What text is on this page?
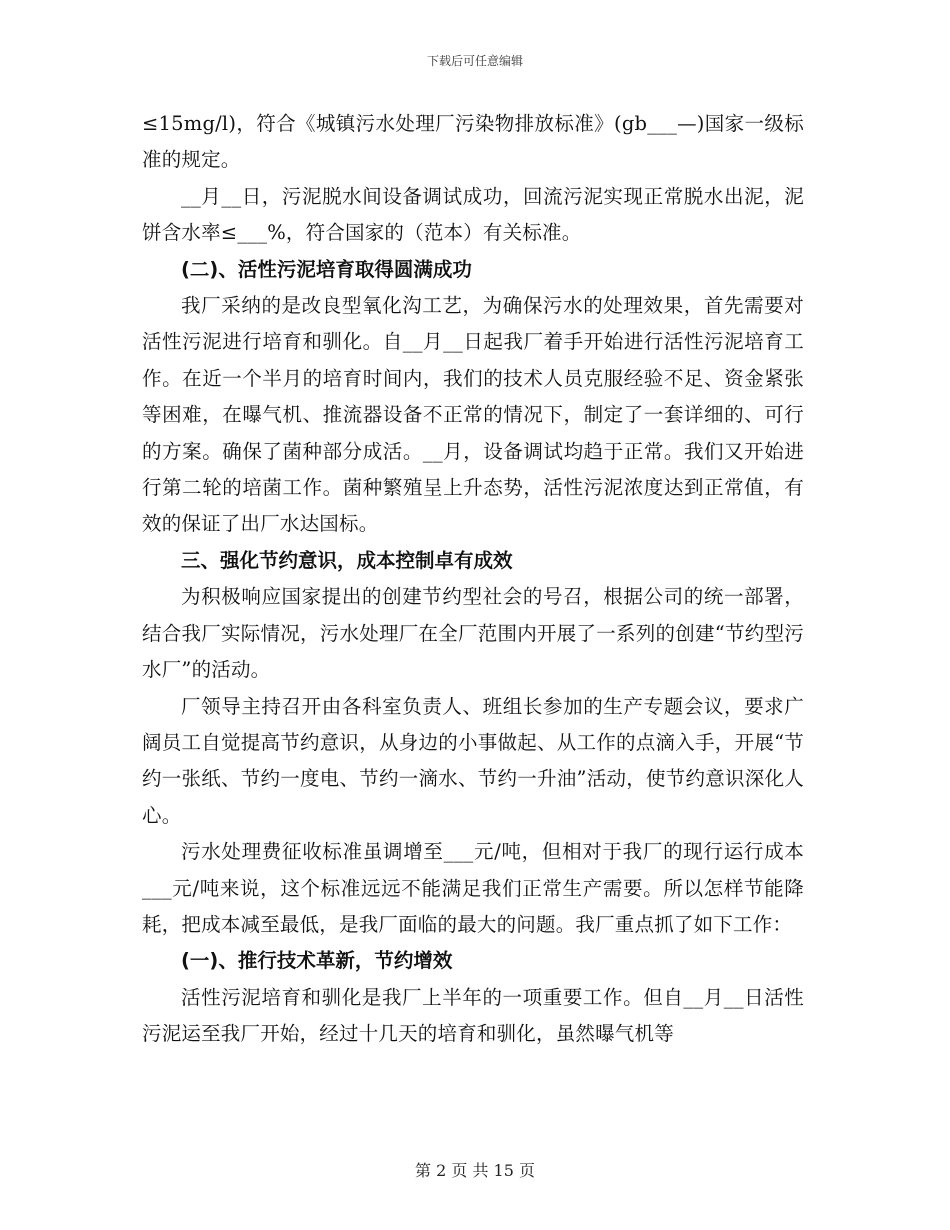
下载后可任意编辑

≤15mg/l)，符合《城镇污水处理厂污染物排放标准》(gb___—)国家一级标准的规定。

__月__日，污泥脱水间设备调试成功，回流污泥实现正常脱水出泥，泥饼含水率≤___%，符合国家的（范本）有关标准。

(二)、活性污泥培育取得圆满成功

我厂采纳的是改良型氧化沟工艺，为确保污水的处理效果，首先需要对活性污泥进行培育和驯化。自__月__日起我厂着手开始进行活性污泥培育工作。在近一个半月的培育时间内，我们的技术人员克服经验不足、资金紧张等困难，在曝气机、推流器设备不正常的情况下，制定了一套详细的、可行的方案。确保了菌种部分成活。__月，设备调试均趋于正常。我们又开始进行第二轮的培菌工作。菌种繁殖呈上升态势，活性污泥浓度达到正常值，有效的保证了出厂水达国标。

三、强化节约意识，成本控制卓有成效

为积极响应国家提出的创建节约型社会的号召，根据公司的统一部署，结合我厂实际情况，污水处理厂在全厂范围内开展了一系列的创建“节约型污水厂”的活动。

厂领导主持召开由各科室负责人、班组长参加的生产专题会议，要求广阔员工自觉提高节约意识，从身边的小事做起、从工作的点滴入手，开展“节约一张纸、节约一度电、节约一滴水、节约一升油”活动，使节约意识深化人心。

污水处理费征收标准虽调增至___元/吨，但相对于我厂的现行运行成本___元/吨来说，这个标准远远不能满足我们正常生产需要。所以怎样节能降耗，把成本减至最低，是我厂面临的最大的问题。我厂重点抓了如下工作：

(一)、推行技术革新，节约增效

活性污泥培育和驯化是我厂上半年的一项重要工作。但自__月__日活性污泥运至我厂开始，经过十几天的培育和驯化，虽然曝气机等

第 2 页 共 15 页
